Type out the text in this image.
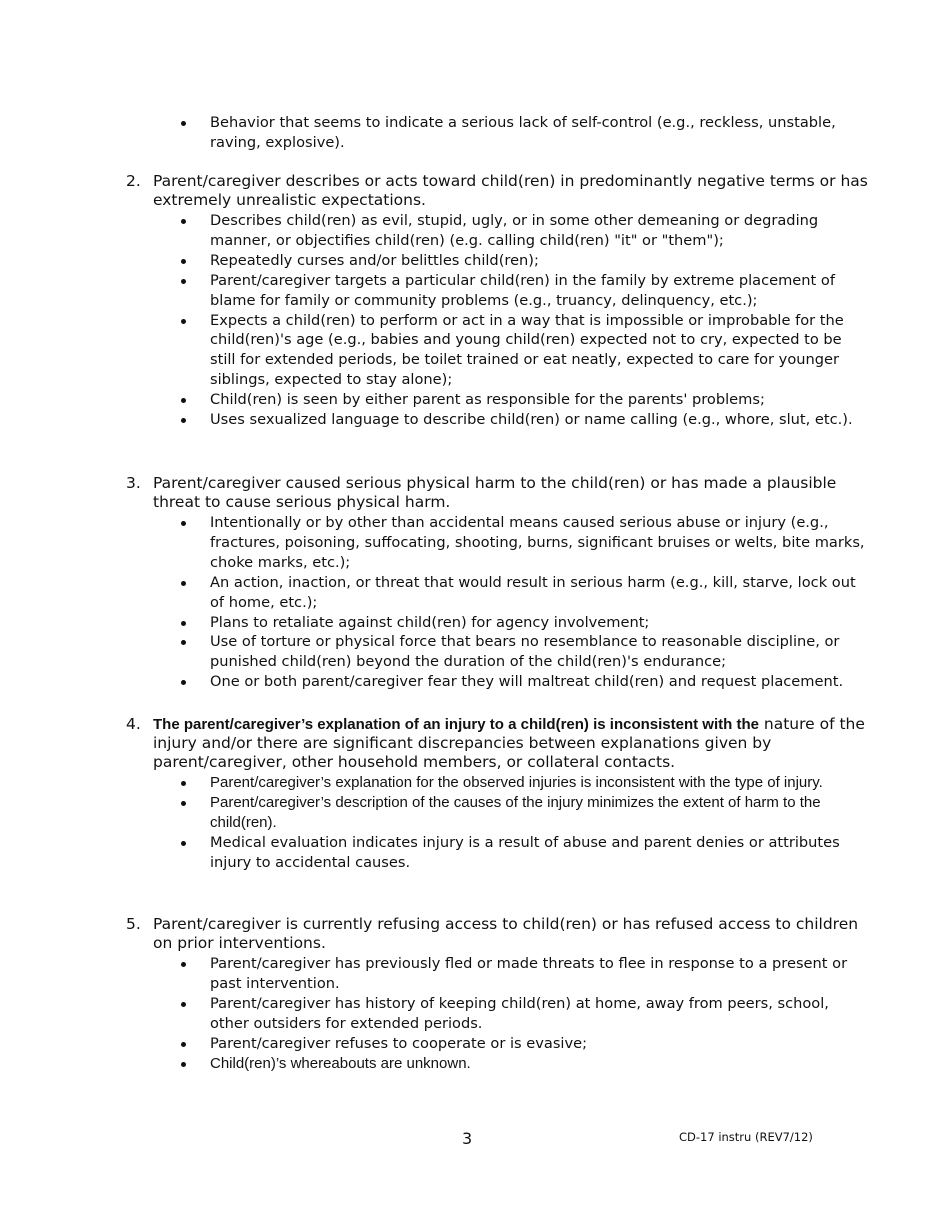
Behavior that seems to indicate a serious lack of self-control (e.g., reckless, unstable, raving, explosive).
2. Parent/caregiver describes or acts toward child(ren) in predominantly negative terms or has extremely unrealistic expectations.
Describes child(ren) as evil, stupid, ugly, or in some other demeaning or degrading manner, or objectifies child(ren) (e.g. calling child(ren) "it" or "them");
Repeatedly curses and/or belittles child(ren);
Parent/caregiver targets a particular child(ren) in the family by extreme placement of blame for family or community problems (e.g., truancy, delinquency, etc.);
Expects a child(ren) to perform or act in a way that is impossible or improbable for the child(ren)'s age (e.g., babies and young child(ren) expected not to cry, expected to be still for extended periods, be toilet trained or eat neatly, expected to care for younger siblings, expected to stay alone);
Child(ren) is seen by either parent as responsible for the parents' problems;
Uses sexualized language to describe child(ren) or name calling (e.g., whore, slut, etc.).
3. Parent/caregiver caused serious physical harm to the child(ren) or has made a plausible threat to cause serious physical harm.
Intentionally or by other than accidental means caused serious abuse or injury (e.g., fractures, poisoning, suffocating, shooting, burns, significant bruises or welts, bite marks, choke marks, etc.);
An action, inaction, or threat that would result in serious harm (e.g., kill, starve, lock out of home, etc.);
Plans to retaliate against child(ren) for agency involvement;
Use of torture or physical force that bears no resemblance to reasonable discipline, or punished child(ren) beyond the duration of the child(ren)'s endurance;
One or both parent/caregiver fear they will maltreat child(ren) and request placement.
4. The parent/caregiver’s explanation of an injury to a child(ren) is inconsistent with the nature of the injury and/or there are significant discrepancies between explanations given by parent/caregiver, other household members, or collateral contacts.
Parent/caregiver’s explanation for the observed injuries is inconsistent with the type of injury.
Parent/caregiver’s description of the causes of the injury minimizes the extent of harm to the child(ren).
Medical evaluation indicates injury is a result of abuse and parent denies or attributes injury to accidental causes.
5. Parent/caregiver is currently refusing access to child(ren) or has refused access to children on prior interventions.
Parent/caregiver has previously fled or made threats to flee in response to a present or past intervention.
Parent/caregiver has history of keeping child(ren) at home, away from peers, school, other outsiders for extended periods.
Parent/caregiver refuses to cooperate or is evasive;
Child(ren)’s whereabouts are unknown.
3	CD-17 instru (REV7/12)
